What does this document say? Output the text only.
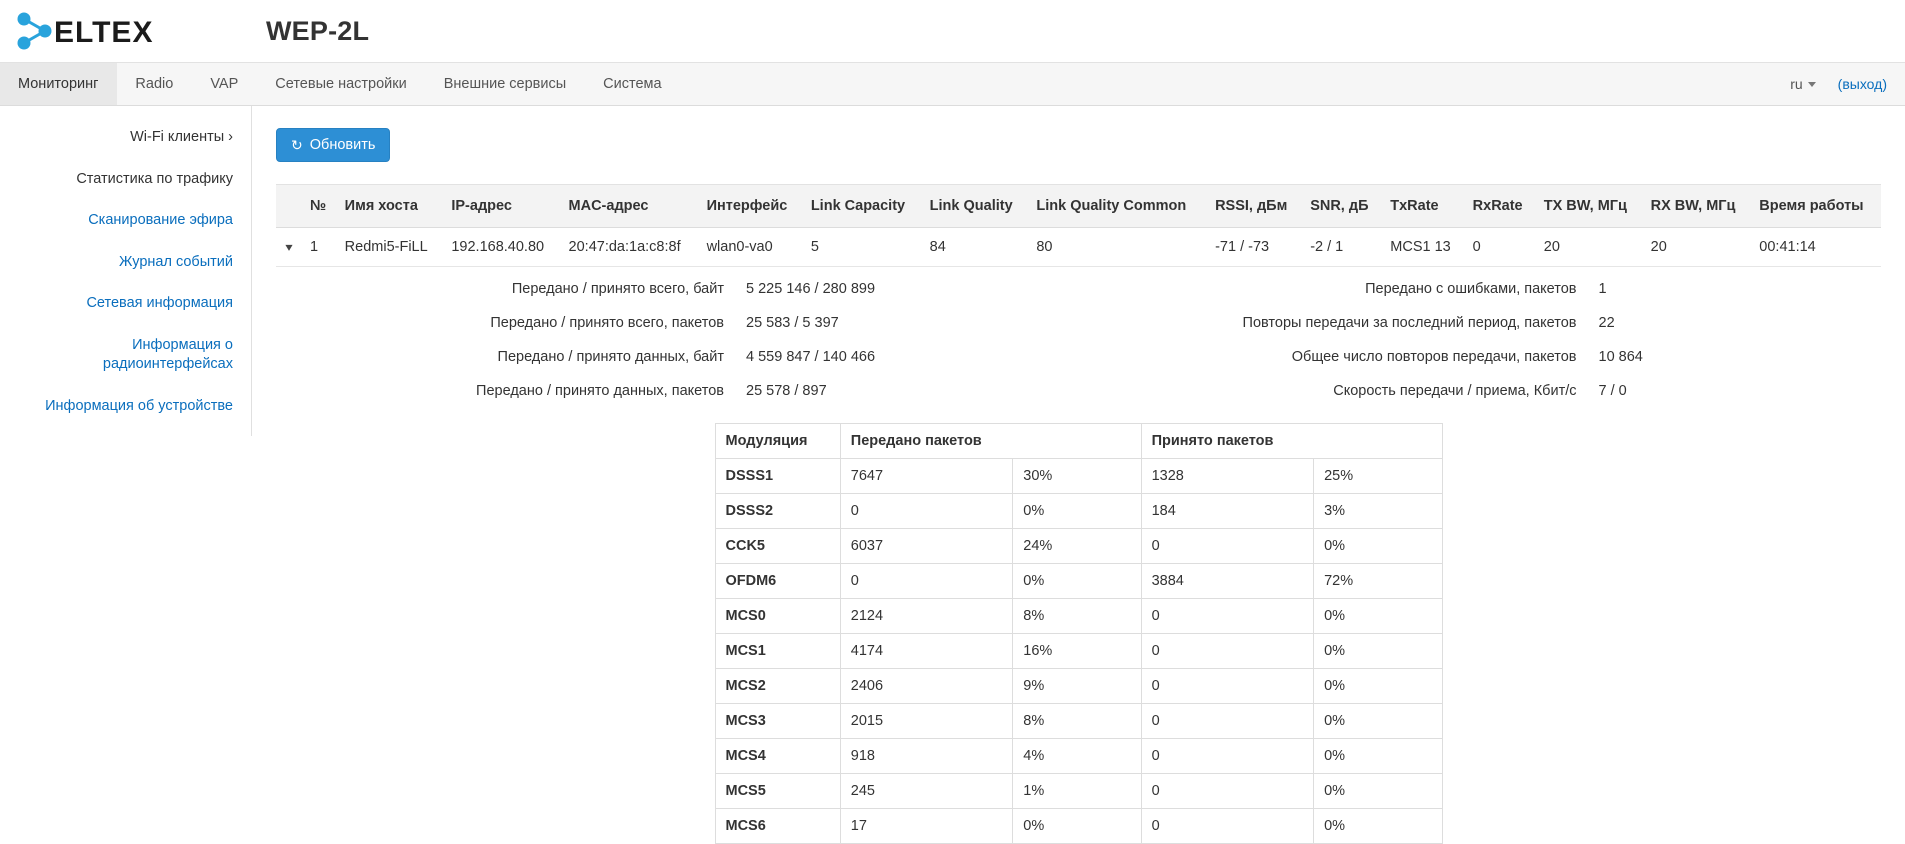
ELTEX	WEP-2L
Мониторинг	Radio	VAP	Сетевые настройки	Внешние сервисы	Система	ru	(выход)
Wi-Fi клиенты ›
Статистика по трафику
Сканирование эфира
Журнал событий
Сетевая информация
Информация о радиоинтерфейсах
Информация об устройстве
↻ Обновить
	№	Имя хоста	IP-адрес	MAC-адрес	Интерфейс	Link Capacity	Link Quality	Link Quality Common	RSSI, дБм	SNR, дБ	TxRate	RxRate	TX BW, МГц	RX BW, МГц	Время работы
▾	1	Redmi5-FiLL	192.168.40.80	20:47:da:1a:c8:8f	wlan0-va0	5	84	80	-71 / -73	-2 / 1	MCS1 13	0	20	20	00:41:14
Передано / принято всего, байт	5 225 146 / 280 899
Передано / принято всего, пакетов	25 583 / 5 397
Передано / принято данных, байт	4 559 847 / 140 466
Передано / принято данных, пакетов	25 578 / 897
Передано с ошибками, пакетов	1
Повторы передачи за последний период, пакетов	22
Общее число повторов передачи, пакетов	10 864
Скорость передачи / приема, Кбит/с	7 / 0
Модуляция	Передано пакетов		Принято пакетов	
DSSS1	7647	30%	1328	25%
DSSS2	0	0%	184	3%
CCK5	6037	24%	0	0%
OFDM6	0	0%	3884	72%
MCS0	2124	8%	0	0%
MCS1	4174	16%	0	0%
MCS2	2406	9%	0	0%
MCS3	2015	8%	0	0%
MCS4	918	4%	0	0%
MCS5	245	1%	0	0%
MCS6	17	0%	0	0%
